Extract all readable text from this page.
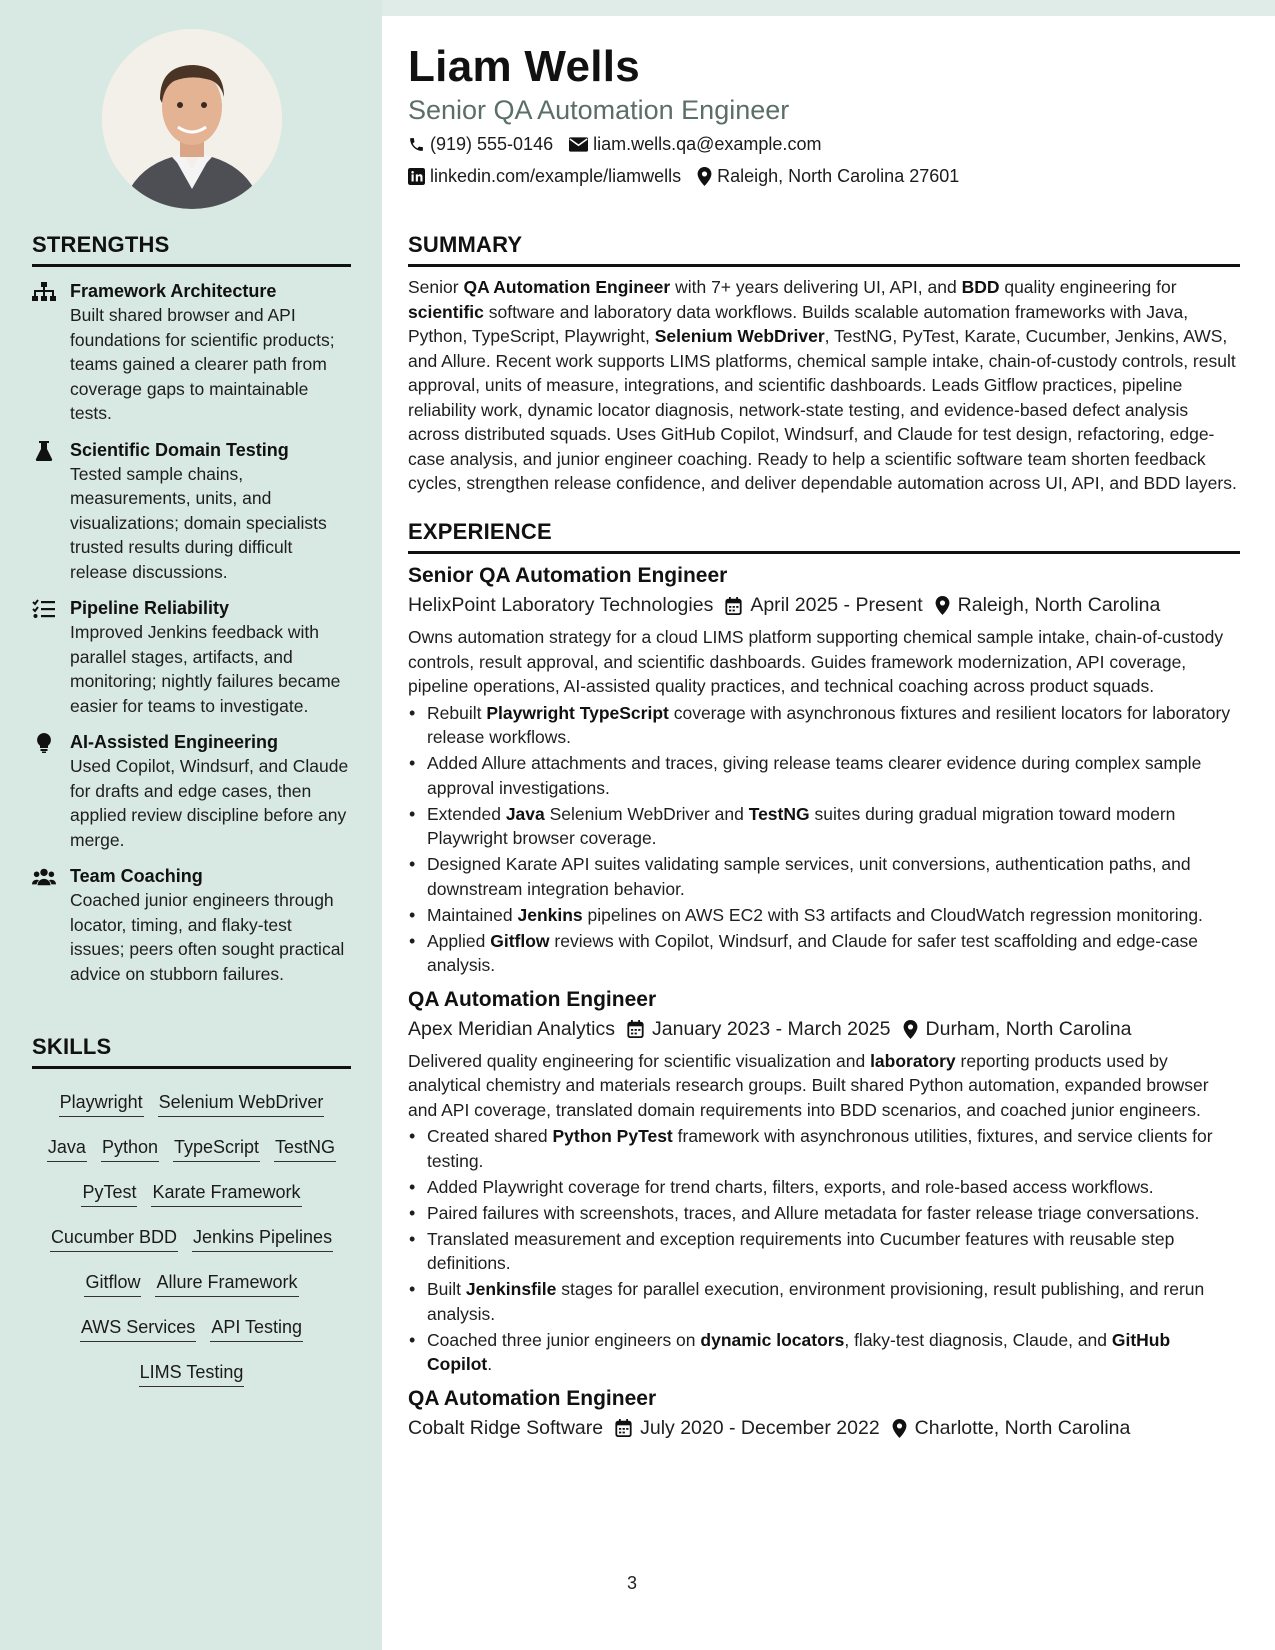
Liam Wells
Senior QA Automation Engineer
(919) 555-0146 liam.wells.qa@example.com
linkedin.com/example/liamwells Raleigh, North Carolina 27601
STRENGTHS
Framework Architecture
Built shared browser and API foundations for scientific products; teams gained a clearer path from coverage gaps to maintainable tests.
Scientific Domain Testing
Tested sample chains, measurements, units, and visualizations; domain specialists trusted results during difficult release discussions.
Pipeline Reliability
Improved Jenkins feedback with parallel stages, artifacts, and monitoring; nightly failures became easier for teams to investigate.
AI-Assisted Engineering
Used Copilot, Windsurf, and Claude for drafts and edge cases, then applied review discipline before any merge.
Team Coaching
Coached junior engineers through locator, timing, and flaky-test issues; peers often sought practical advice on stubborn failures.
SKILLS
Playwright Selenium WebDriver
Java Python TypeScript TestNG
PyTest Karate Framework
Cucumber BDD Jenkins Pipelines
Gitflow Allure Framework
AWS Services API Testing
LIMS Testing
SUMMARY
Senior QA Automation Engineer with 7+ years delivering UI, API, and BDD quality engineering for scientific software and laboratory data workflows. Builds scalable automation frameworks with Java, Python, TypeScript, Playwright, Selenium WebDriver, TestNG, PyTest, Karate, Cucumber, Jenkins, AWS, and Allure. Recent work supports LIMS platforms, chemical sample intake, chain-of-custody controls, result approval, units of measure, integrations, and scientific dashboards. Leads Gitflow practices, pipeline reliability work, dynamic locator diagnosis, network-state testing, and evidence-based defect analysis across distributed squads. Uses GitHub Copilot, Windsurf, and Claude for test design, refactoring, edge-case analysis, and junior engineer coaching. Ready to help a scientific software team shorten feedback cycles, strengthen release confidence, and deliver dependable automation across UI, API, and BDD layers.
EXPERIENCE
Senior QA Automation Engineer
HelixPoint Laboratory Technologies April 2025 - Present Raleigh, North Carolina
Owns automation strategy for a cloud LIMS platform supporting chemical sample intake, chain-of-custody controls, result approval, and scientific dashboards. Guides framework modernization, API coverage, pipeline operations, AI-assisted quality practices, and technical coaching across product squads.
• Rebuilt Playwright TypeScript coverage with asynchronous fixtures and resilient locators for laboratory release workflows.
• Added Allure attachments and traces, giving release teams clearer evidence during complex sample approval investigations.
• Extended Java Selenium WebDriver and TestNG suites during gradual migration toward modern Playwright browser coverage.
• Designed Karate API suites validating sample services, unit conversions, authentication paths, and downstream integration behavior.
• Maintained Jenkins pipelines on AWS EC2 with S3 artifacts and CloudWatch regression monitoring.
• Applied Gitflow reviews with Copilot, Windsurf, and Claude for safer test scaffolding and edge-case analysis.
QA Automation Engineer
Apex Meridian Analytics January 2023 - March 2025 Durham, North Carolina
Delivered quality engineering for scientific visualization and laboratory reporting products used by analytical chemistry and materials research groups. Built shared Python automation, expanded browser and API coverage, translated domain requirements into BDD scenarios, and coached junior engineers.
• Created shared Python PyTest framework with asynchronous utilities, fixtures, and service clients for testing.
• Added Playwright coverage for trend charts, filters, exports, and role-based access workflows.
• Paired failures with screenshots, traces, and Allure metadata for faster release triage conversations.
• Translated measurement and exception requirements into Cucumber features with reusable step definitions.
• Built Jenkinsfile stages for parallel execution, environment provisioning, result publishing, and rerun analysis.
• Coached three junior engineers on dynamic locators, flaky-test diagnosis, Claude, and GitHub Copilot.
QA Automation Engineer
Cobalt Ridge Software July 2020 - December 2022 Charlotte, North Carolina
3
